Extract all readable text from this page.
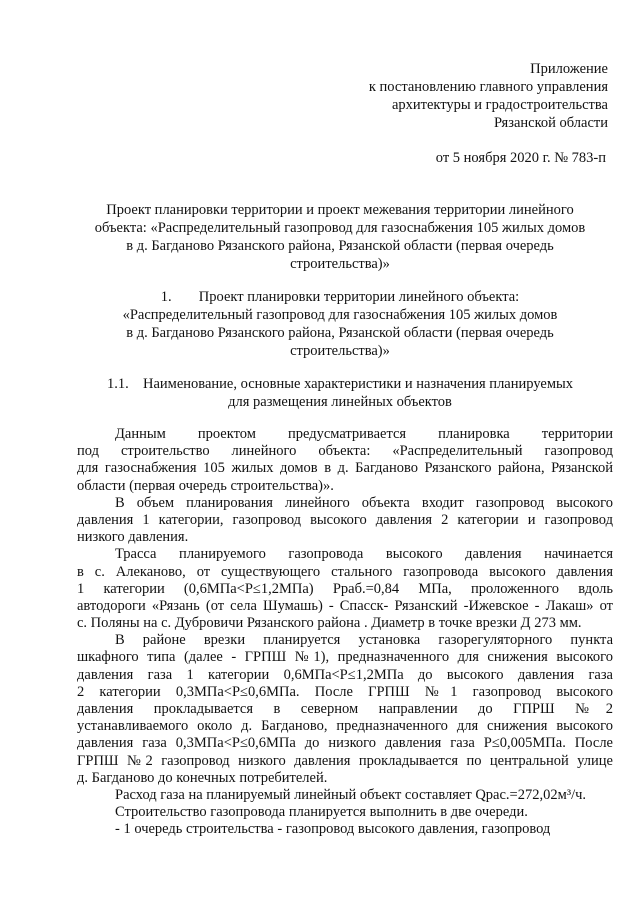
Приложение
к постановлению главного управления
архитектуры и градостроительства
Рязанской области
от 5 ноября 2020 г. № 783-п
Проект планировки территории и проект межевания территории линейного
объекта: «Распределительный газопровод для газоснабжения 105 жилых домов
в д. Багданово Рязанского района, Рязанской области (первая очередь
строительства)»
1. Проект планировки территории линейного объекта:
«Распределительный газопровод для газоснабжения 105 жилых домов
в д. Багданово Рязанского района, Рязанской области (первая очередь
строительства)»
1.1. Наименование, основные характеристики и назначения планируемых
для размещения линейных объектов
Данным проектом предусматривается планировка территории
под строительство линейного объекта: «Распределительный газопровод
для газоснабжения 105 жилых домов в д. Багданово Рязанского района, Рязанской
области (первая очередь строительства)».
В объем планирования линейного объекта входит газопровод высокого
давления 1 категории, газопровод высокого давления 2 категории и газопровод
низкого давления.
Трасса планируемого газопровода высокого давления начинается
в с. Алеканово, от существующего стального газопровода высокого давления
1 категории (0,6МПа<Р≤1,2МПа) Рраб.=0,84 МПа, проложенного вдоль
автодороги «Рязань (от села Шумашь) - Спасск- Рязанский -Ижевское - Лакаш» от
с. Поляны на с. Дубровичи Рязанского района . Диаметр в точке врезки Д 273 мм.
В районе врезки планируется установка газорегуляторного пункта
шкафного типа (далее - ГРПШ №1), предназначенного для снижения высокого
давления газа 1 категории 0,6МПа<Р≤1,2МПа до высокого давления газа
2 категории 0,3МПа<Р≤0,6МПа. После ГРПШ №1 газопровод высокого
давления прокладывается в северном направлении до ГПРШ №2
устанавливаемого около д. Багданово, предназначенного для снижения высокого
давления газа 0,3МПа<Р≤0,6МПа до низкого давления газа Р≤0,005МПа. После
ГРПШ №2 газопровод низкого давления прокладывается по центральной улице
д. Багданово до конечных потребителей.
Расход газа на планируемый линейный объект составляет Qрас.=272,02м³/ч.
Строительство газопровода планируется выполнить в две очереди.
- 1 очередь строительства - газопровод высокого давления, газопровод
